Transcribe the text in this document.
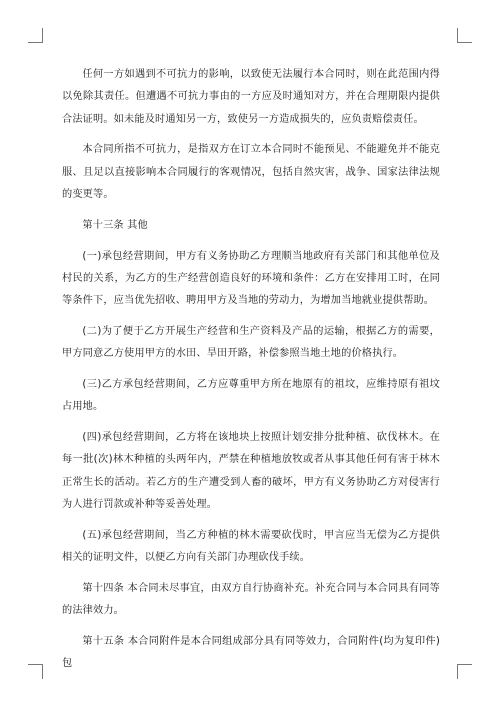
任何一方如遇到不可抗力的影响，以致使无法履行本合同时，则在此范围内得以免除其责任。但遭遇不可抗力事由的一方应及时通知对方，并在合理期限内提供合法证明。如未能及时通知另一方，致使另一方造成损失的，应负责赔偿责任。

本合同所指不可抗力，是指双方在订立本合同时不能预见、不能避免并不能克服、且足以直接影响本合同履行的客观情况，包括自然灾害，战争、国家法律法规的变更等。

第十三条 其他

(一)承包经营期间，甲方有义务协助乙方理顺当地政府有关部门和其他单位及村民的关系，为乙方的生产经营创造良好的环境和条件：乙方在安排用工时，在同等条件下，应当优先招收、聘用甲方及当地的劳动力，为增加当地就业提供帮助。

(二)为了便于乙方开展生产经营和生产资料及产品的运输，根据乙方的需要，甲方同意乙方使用甲方的水田、旱田开路，补偿参照当地土地的价格执行。

(三)乙方承包经营期间，乙方应尊重甲方所在地原有的祖坟，应维持原有祖坟占用地。

(四)承包经营期间，乙方将在该地块上按照计划安排分批种植、砍伐林木。在每一批(次)林木种植的头两年内，严禁在种植地放牧或者从事其他任何有害于林木正常生长的活动。若乙方的生产遭受到人畜的破坏，甲方有义务协助乙方对侵害行为人进行罚款或补种等妥善处理。

(五)承包经营期间，当乙方种植的林木需要砍伐时，甲言应当无偿为乙方提供相关的证明文件，以便乙方向有关部门办理砍伐手续。

第十四条 本合同未尽事宜，由双方自行协商补充。补充合同与本合同具有同等的法律效力。

第十五条 本合同附件是本合同组成部分具有同等效力，合同附件(均为复印件)包
